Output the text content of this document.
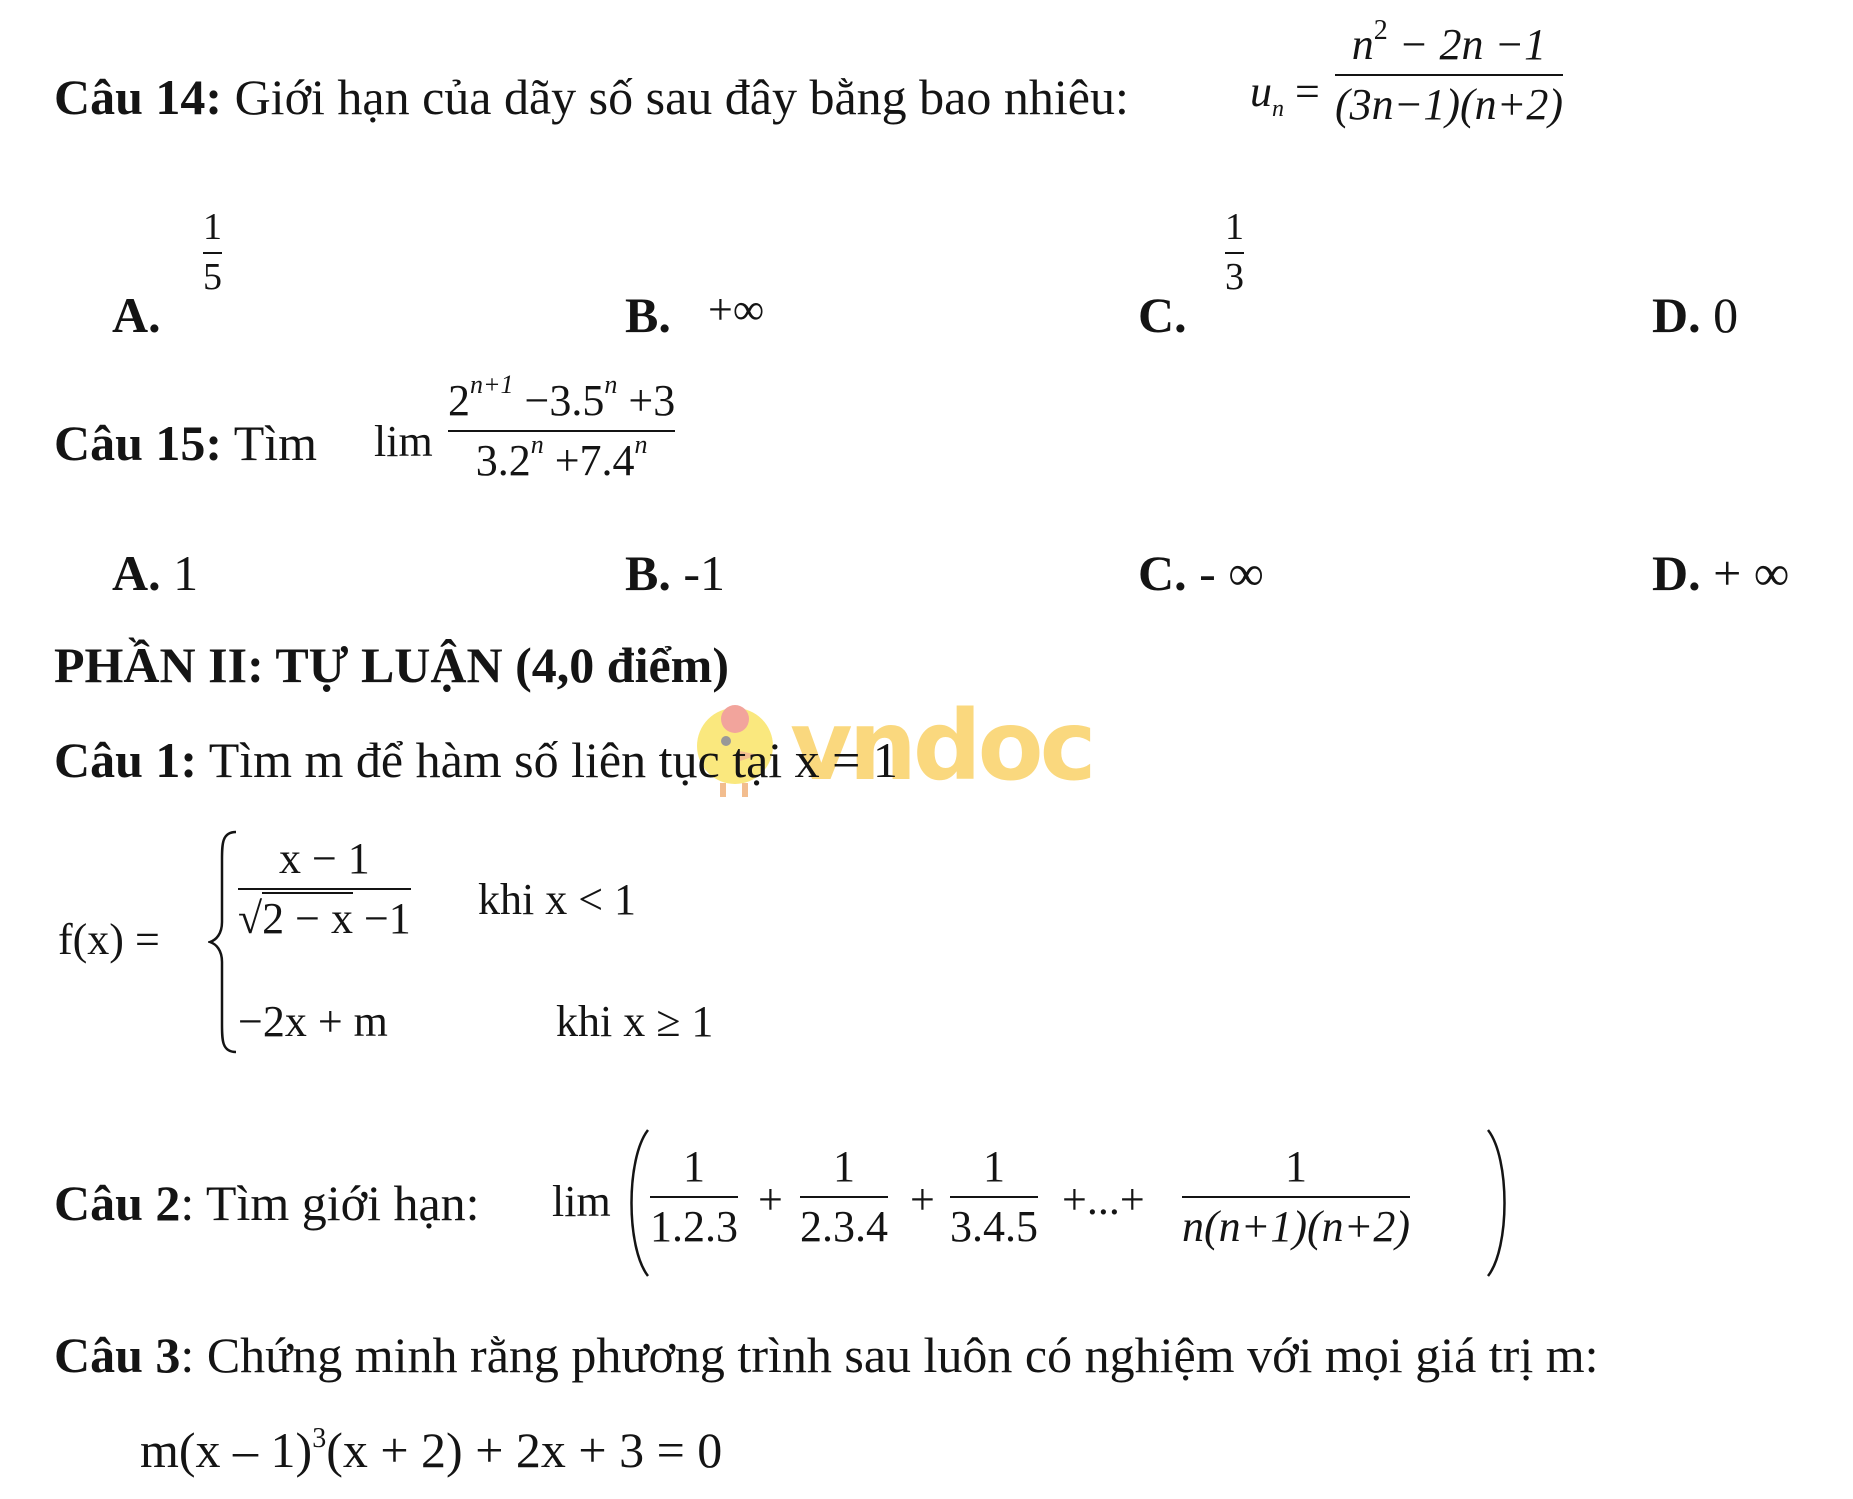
vndoc
Câu 14: Giới hạn của dãy số sau đây bằng bao nhiêu:	$u_n$ =
$n^2 - 2n -1$
(3n−1)(n+2)
A.
1
5
B. +∞	C.
1
3
D. 0
Câu 15: Tìm lim
$2^{n+1} -3.5^n +3$
$3.2^n +7.4^n$
A. 1	B. -1	C. - ∞	D. + ∞
PHẦN II: TỰ LUẬN (4,0 điểm)
Câu 1: Tìm m để hàm số liên tục tại x = 1
f(x) =
x − 1
√2 − x −1 khi x < 1
−2x + m	khi x ≥ 1
Câu 2: Tìm giới hạn: lim
1
1.2.3
+
1
2.3.4
+
1
3.4.5
+...+
1
n(n+1)(n+2)
Câu 3: Chứng minh rằng phương trình sau luôn có nghiệm với mọi giá trị m:
m(x – 1)$^3$(x + 2) + 2x + 3 = 0
